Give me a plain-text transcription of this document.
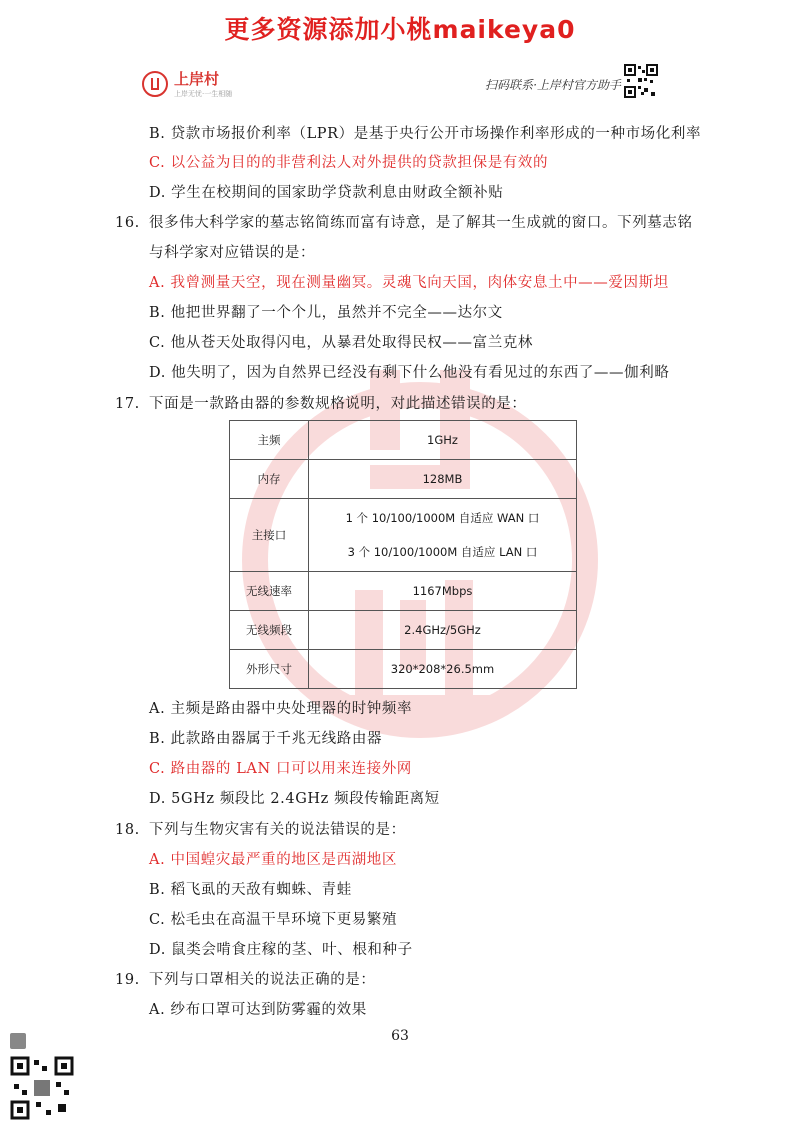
更多资源添加小桃maikeya0
上岸村
上岸无忧·一生相随
扫码联系·上岸村官方助手
B. 贷款市场报价利率（LPR）是基于央行公开市场操作利率形成的一种市场化利率
C. 以公益为目的的非营利法人对外提供的贷款担保是有效的
D. 学生在校期间的国家助学贷款利息由财政全额补贴
16. 很多伟大科学家的墓志铭简练而富有诗意，是了解其一生成就的窗口。下列墓志铭
与科学家对应错误的是：
A. 我曾测量天空，现在测量幽冥。灵魂飞向天国，肉体安息土中——爱因斯坦
B. 他把世界翻了一个个儿，虽然并不完全——达尔文
C. 他从苍天处取得闪电，从暴君处取得民权——富兰克林
D. 他失明了，因为自然界已经没有剩下什么他没有看见过的东西了——伽利略
17. 下面是一款路由器的参数规格说明，对此描述错误的是：
主频	1GHz
内存	128MB
主接口	1 个 10/100/1000M 自适应 WAN 口
3 个 10/100/1000M 自适应 LAN 口

无线速率	1167Mbps
无线频段	2.4GHz/5GHz
外形尺寸	320*208*26.5mm
A. 主频是路由器中央处理器的时钟频率
B. 此款路由器属于千兆无线路由器
C. 路由器的 LAN 口可以用来连接外网
D. 5GHz 频段比 2.4GHz 频段传输距离短
18. 下列与生物灾害有关的说法错误的是：
A. 中国蝗灾最严重的地区是西湖地区
B. 稻飞虱的天敌有蜘蛛、青蛙
C. 松毛虫在高温干旱环境下更易繁殖
D. 鼠类会啃食庄稼的茎、叶、根和种子
19. 下列与口罩相关的说法正确的是：
A. 纱布口罩可达到防雾霾的效果
63
